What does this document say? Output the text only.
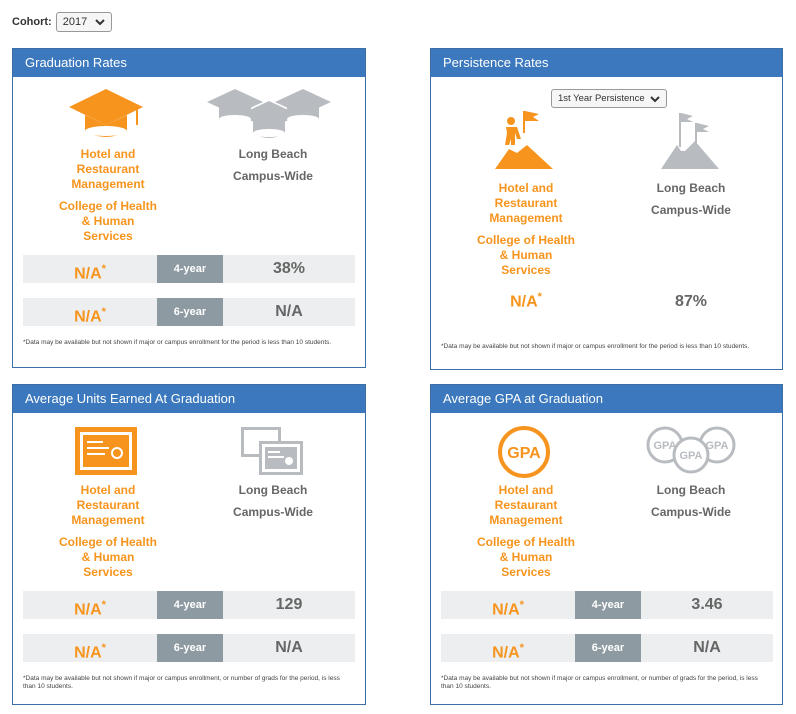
Cohort: 2017
Graduation Rates
Hotel and
Restaurant
Management
College of Health
& Human
Services
Long Beach
Campus-Wide
N/A*	4-year	38%
N/A*	6-year	N/A
*Data may be available but not shown if major or campus enrollment for the period is less than 10 students.
Persistence Rates
1st Year Persistence
Hotel and
Restaurant
Management
College of Health
& Human
Services
Long Beach
Campus-Wide
N/A*	87%
*Data may be available but not shown if major or campus enrollment for the period is less than 10 students.
Average Units Earned At Graduation
Hotel and
Restaurant
Management
College of Health
& Human
Services
Long Beach
Campus-Wide
N/A*	4-year	129
N/A*	6-year	N/A
*Data may be available but not shown if major or campus enrollment, or number of grads for the period, is less than 10 students.
Average GPA at Graduation
GPA	GPA	GPA
GPA
Hotel and
Restaurant
Management
College of Health
& Human
Services
Long Beach
Campus-Wide
N/A*	4-year	3.46
N/A*	6-year	N/A
*Data may be available but not shown if major or campus enrollment, or number of grads for the period, is less than 10 students.
